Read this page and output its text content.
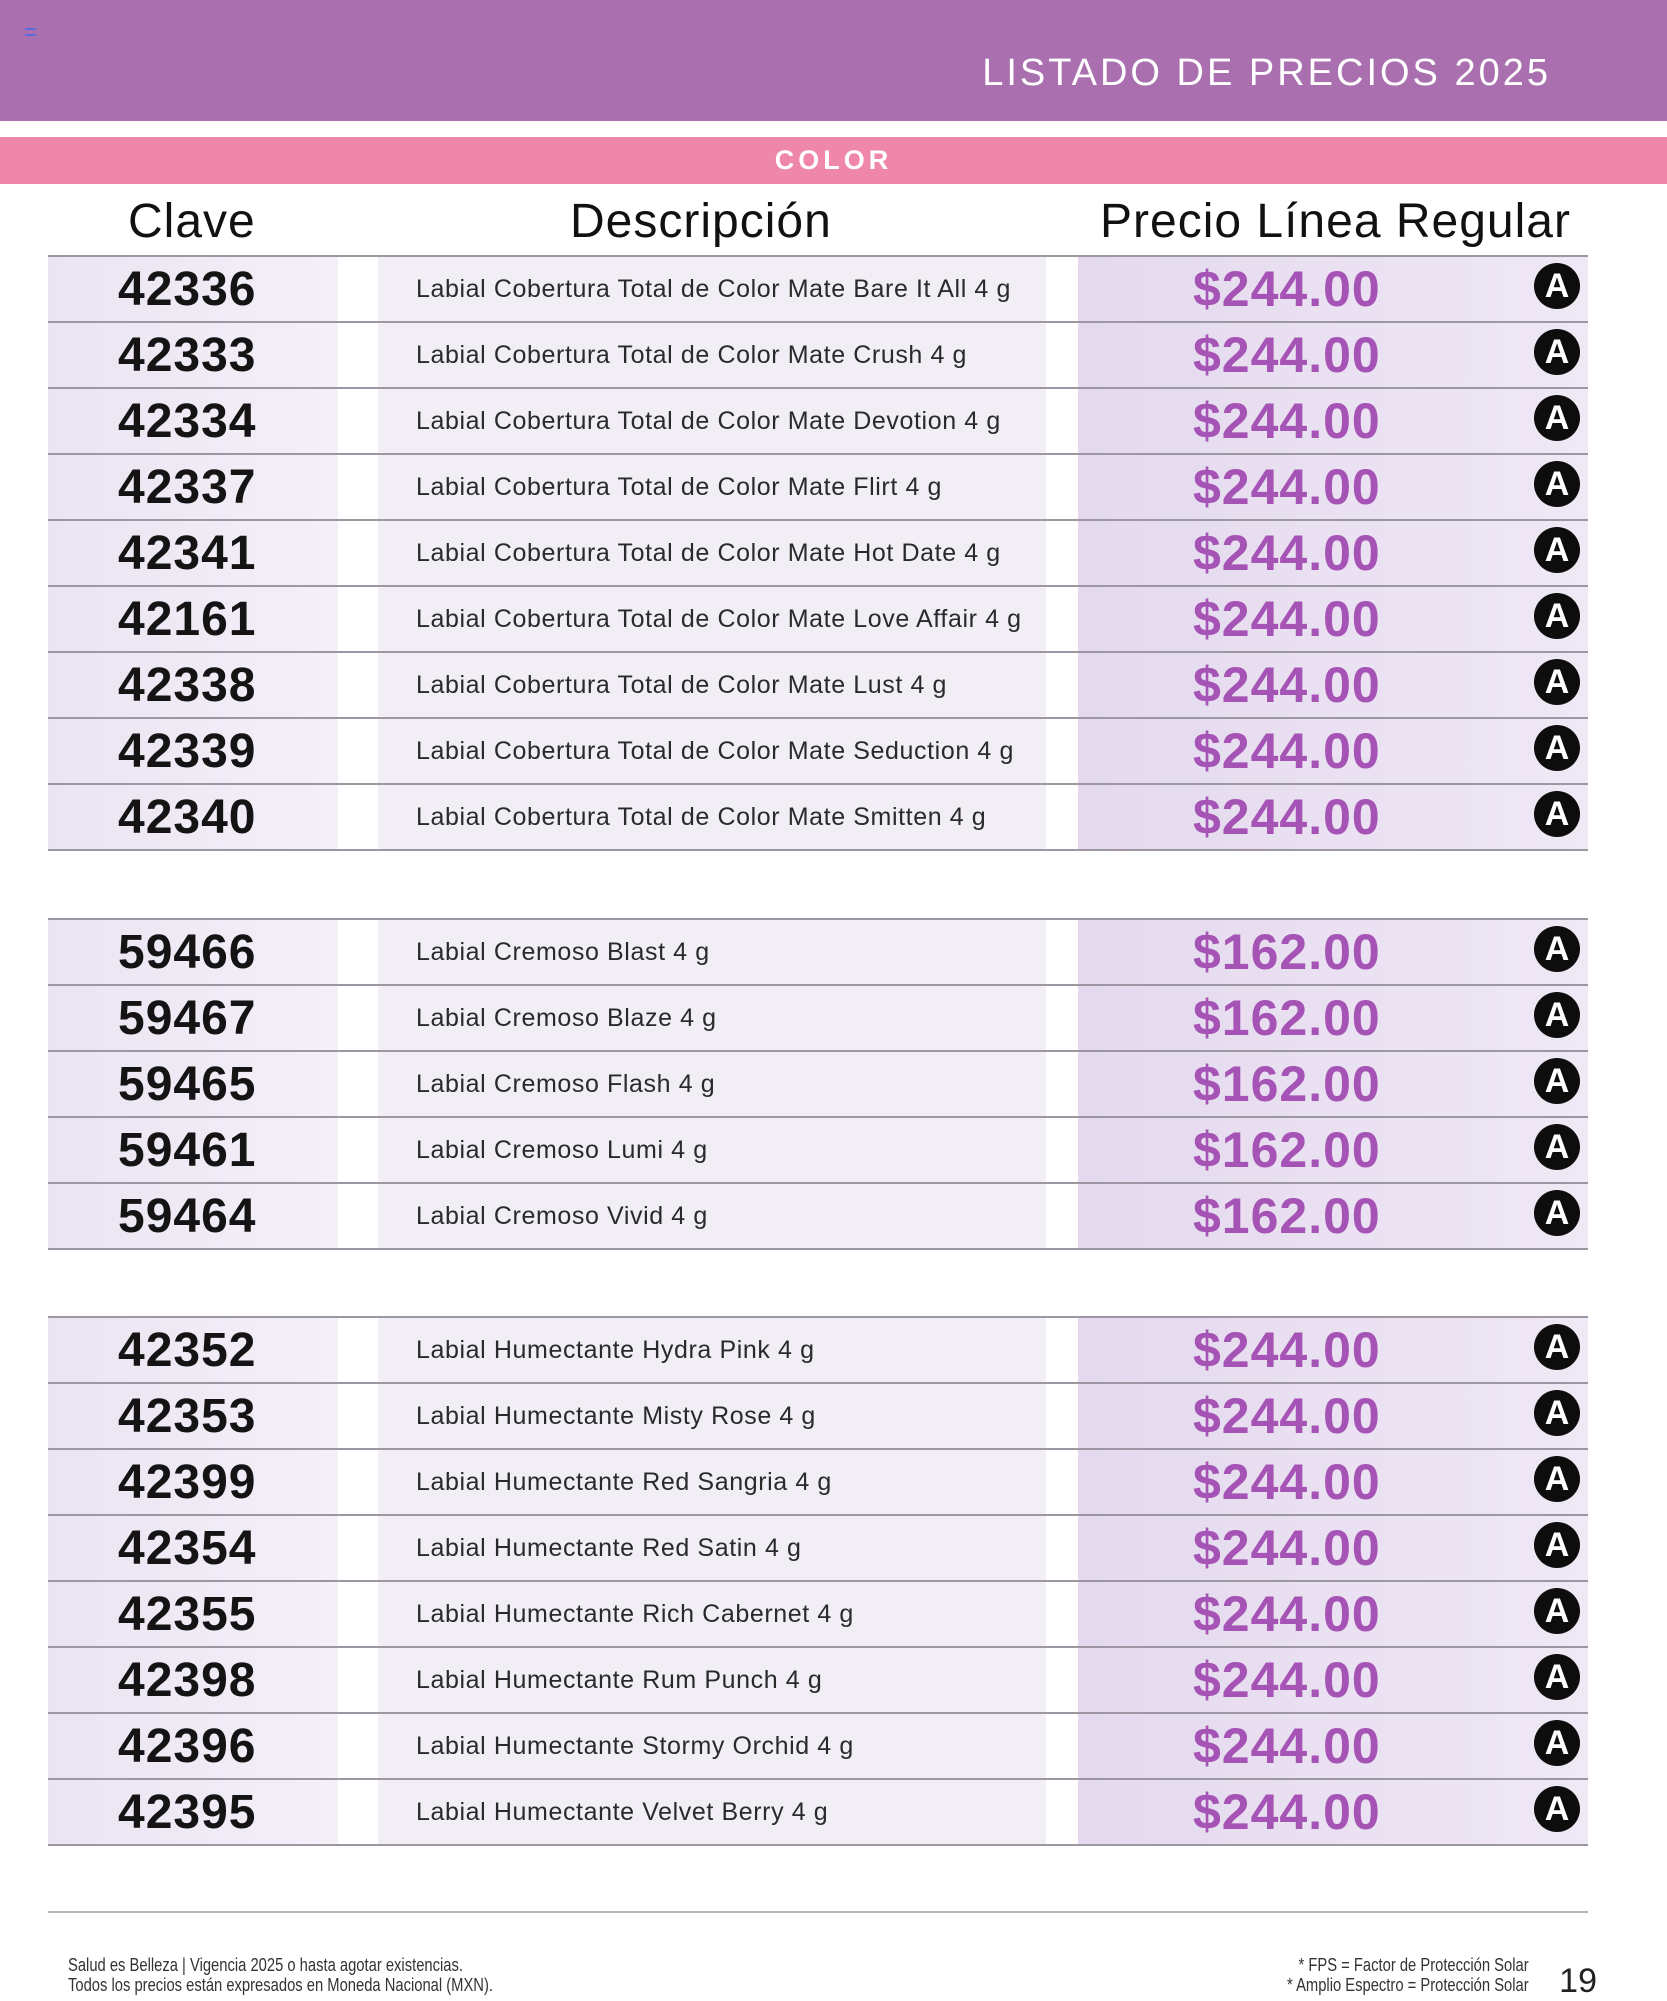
LISTADO DE PRECIOS 2025
COLOR
Clave	Descripción	Precio Línea Regular
42336	Labial Cobertura Total de Color Mate Bare It All 4 g	$244.00	A
42333	Labial Cobertura Total de Color Mate Crush 4 g	$244.00	A
42334	Labial Cobertura Total de Color Mate Devotion 4 g	$244.00	A
42337	Labial Cobertura Total de Color Mate Flirt 4 g	$244.00	A
42341	Labial Cobertura Total de Color Mate Hot Date 4 g	$244.00	A
42161	Labial Cobertura Total de Color Mate Love Affair 4 g	$244.00	A
42338	Labial Cobertura Total de Color Mate Lust 4 g	$244.00	A
42339	Labial Cobertura Total de Color Mate Seduction 4 g	$244.00	A
42340	Labial Cobertura Total de Color Mate Smitten 4 g	$244.00	A
59466	Labial Cremoso Blast 4 g	$162.00	A
59467	Labial Cremoso Blaze 4 g	$162.00	A
59465	Labial Cremoso Flash 4 g	$162.00	A
59461	Labial Cremoso Lumi 4 g	$162.00	A
59464	Labial Cremoso Vivid 4 g	$162.00	A
42352	Labial Humectante Hydra Pink 4 g	$244.00	A
42353	Labial Humectante Misty Rose 4 g	$244.00	A
42399	Labial Humectante Red Sangria 4 g	$244.00	A
42354	Labial Humectante Red Satin 4 g	$244.00	A
42355	Labial Humectante Rich Cabernet 4 g	$244.00	A
42398	Labial Humectante Rum Punch 4 g	$244.00	A
42396	Labial Humectante Stormy Orchid 4 g	$244.00	A
42395	Labial Humectante Velvet Berry 4 g	$244.00	A
Salud es Belleza | Vigencia 2025 o hasta agotar existencias.
Todos los precios están expresados en Moneda Nacional (MXN).
* FPS = Factor de Protección Solar
* Amplio Espectro = Protección Solar 19
